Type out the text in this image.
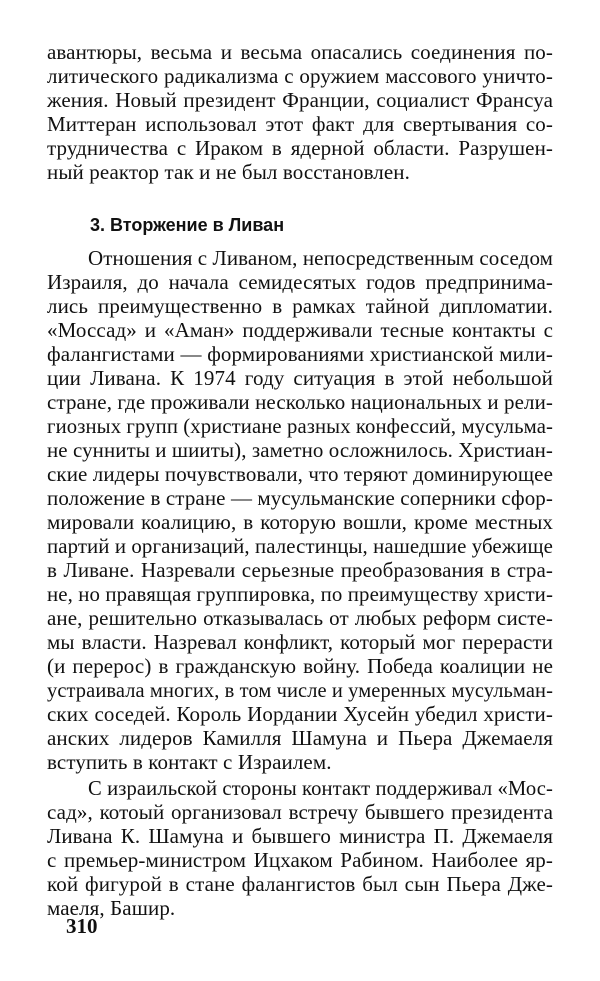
авантюры, весьма и весьма опасались соединения по-
литического радикализма с оружием массового уничто-
жения. Новый президент Франции, социалист Франсуа
Миттеран использовал этот факт для свертывания со-
трудничества с Ираком в ядерной области. Разрушен-
ный реактор так и не был восстановлен.
3. Вторжение в Ливан
Отношения с Ливаном, непосредственным соседом
Израиля, до начала семидесятых годов предпринима-
лись преимущественно в рамках тайной дипломатии.
«Моссад» и «Аман» поддерживали тесные контакты с
фалангистами — формированиями христианской мили-
ции Ливана. К 1974 году ситуация в этой небольшой
стране, где проживали несколько национальных и рели-
гиозных групп (христиане разных конфессий, мусульма-
не сунниты и шииты), заметно осложнилось. Христиан-
ские лидеры почувствовали, что теряют доминирующее
положение в стране — мусульманские соперники сфор-
мировали коалицию, в которую вошли, кроме местных
партий и организаций, палестинцы, нашедшие убежище
в Ливане. Назревали серьезные преобразования в стра-
не, но правящая группировка, по преимуществу христи-
ане, решительно отказывалась от любых реформ систе-
мы власти. Назревал конфликт, который мог перерасти
(и перерос) в гражданскую войну. Победа коалиции не
устраивала многих, в том числе и умеренных мусульман-
ских соседей. Король Иордании Хусейн убедил христи-
анских лидеров Камилля Шамуна и Пьера Джемаеля
вступить в контакт с Израилем.
С израильской стороны контакт поддерживал «Мос-
сад», котоый организовал встречу бывшего президента
Ливана К. Шамуна и бывшего министра П. Джемаеля
с премьер-министром Ицхаком Рабином. Наиболее яр-
кой фигурой в стане фалангистов был сын Пьера Дже-
маеля, Башир.
310
